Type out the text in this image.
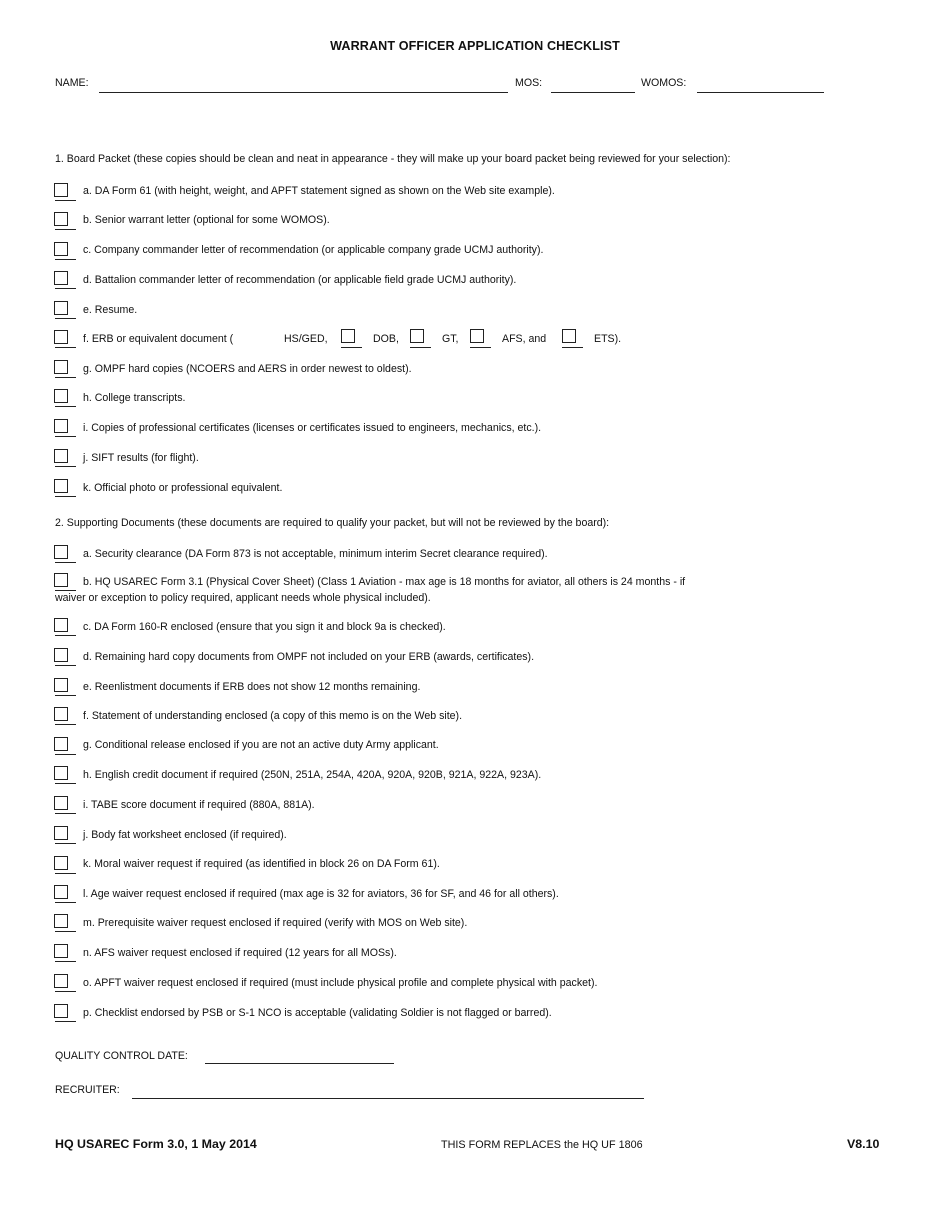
WARRANT OFFICER APPLICATION CHECKLIST
NAME:	MOS:	WOMOS:
1. Board Packet (these copies should be clean and neat in appearance - they will make up your board packet being reviewed for your selection):
a. DA Form 61 (with height, weight, and APFT statement signed as shown on the Web site example).
b. Senior warrant letter (optional for some WOMOS).
c. Company commander letter of recommendation (or applicable company grade UCMJ authority).
d. Battalion commander letter of recommendation (or applicable field grade UCMJ authority).
e. Resume.
f. ERB or equivalent document (	HS/GED,	DOB,	GT,	AFS, and	ETS).
g. OMPF hard copies (NCOERS and AERS in order newest to oldest).
h. College transcripts.
i. Copies of professional certificates (licenses or certificates issued to engineers, mechanics, etc.).
j. SIFT results (for flight).
k. Official photo or professional equivalent.
2. Supporting Documents (these documents are required to qualify your packet, but will not be reviewed by the board):
a. Security clearance (DA Form 873 is not acceptable, minimum interim Secret clearance required).
b. HQ USAREC Form 3.1 (Physical Cover Sheet) (Class 1 Aviation - max age is 18 months for aviator, all others is 24 months - if
waiver or exception to policy required, applicant needs whole physical included).
c. DA Form 160-R enclosed (ensure that you sign it and block 9a is checked).
d. Remaining hard copy documents from OMPF not included on your ERB (awards, certificates).
e. Reenlistment documents if ERB does not show 12 months remaining.
f. Statement of understanding enclosed (a copy of this memo is on the Web site).
g. Conditional release enclosed if you are not an active duty Army applicant.
h. English credit document if required (250N, 251A, 254A, 420A, 920A, 920B, 921A, 922A, 923A).
i. TABE score document if required (880A, 881A).
j. Body fat worksheet enclosed (if required).
k. Moral waiver request if required (as identified in block 26 on DA Form 61).
l. Age waiver request enclosed if required (max age is 32 for aviators, 36 for SF, and 46 for all others).
m. Prerequisite waiver request enclosed if required (verify with MOS on Web site).
n. AFS waiver request enclosed if required (12 years for all MOSs).
o. APFT waiver request enclosed if required (must include physical profile and complete physical with packet).
p. Checklist endorsed by PSB or S-1 NCO is acceptable (validating Soldier is not flagged or barred).
QUALITY CONTROL DATE:
RECRUITER:
HQ USAREC Form 3.0, 1 May 2014	THIS FORM REPLACES the HQ UF 1806	V8.10
